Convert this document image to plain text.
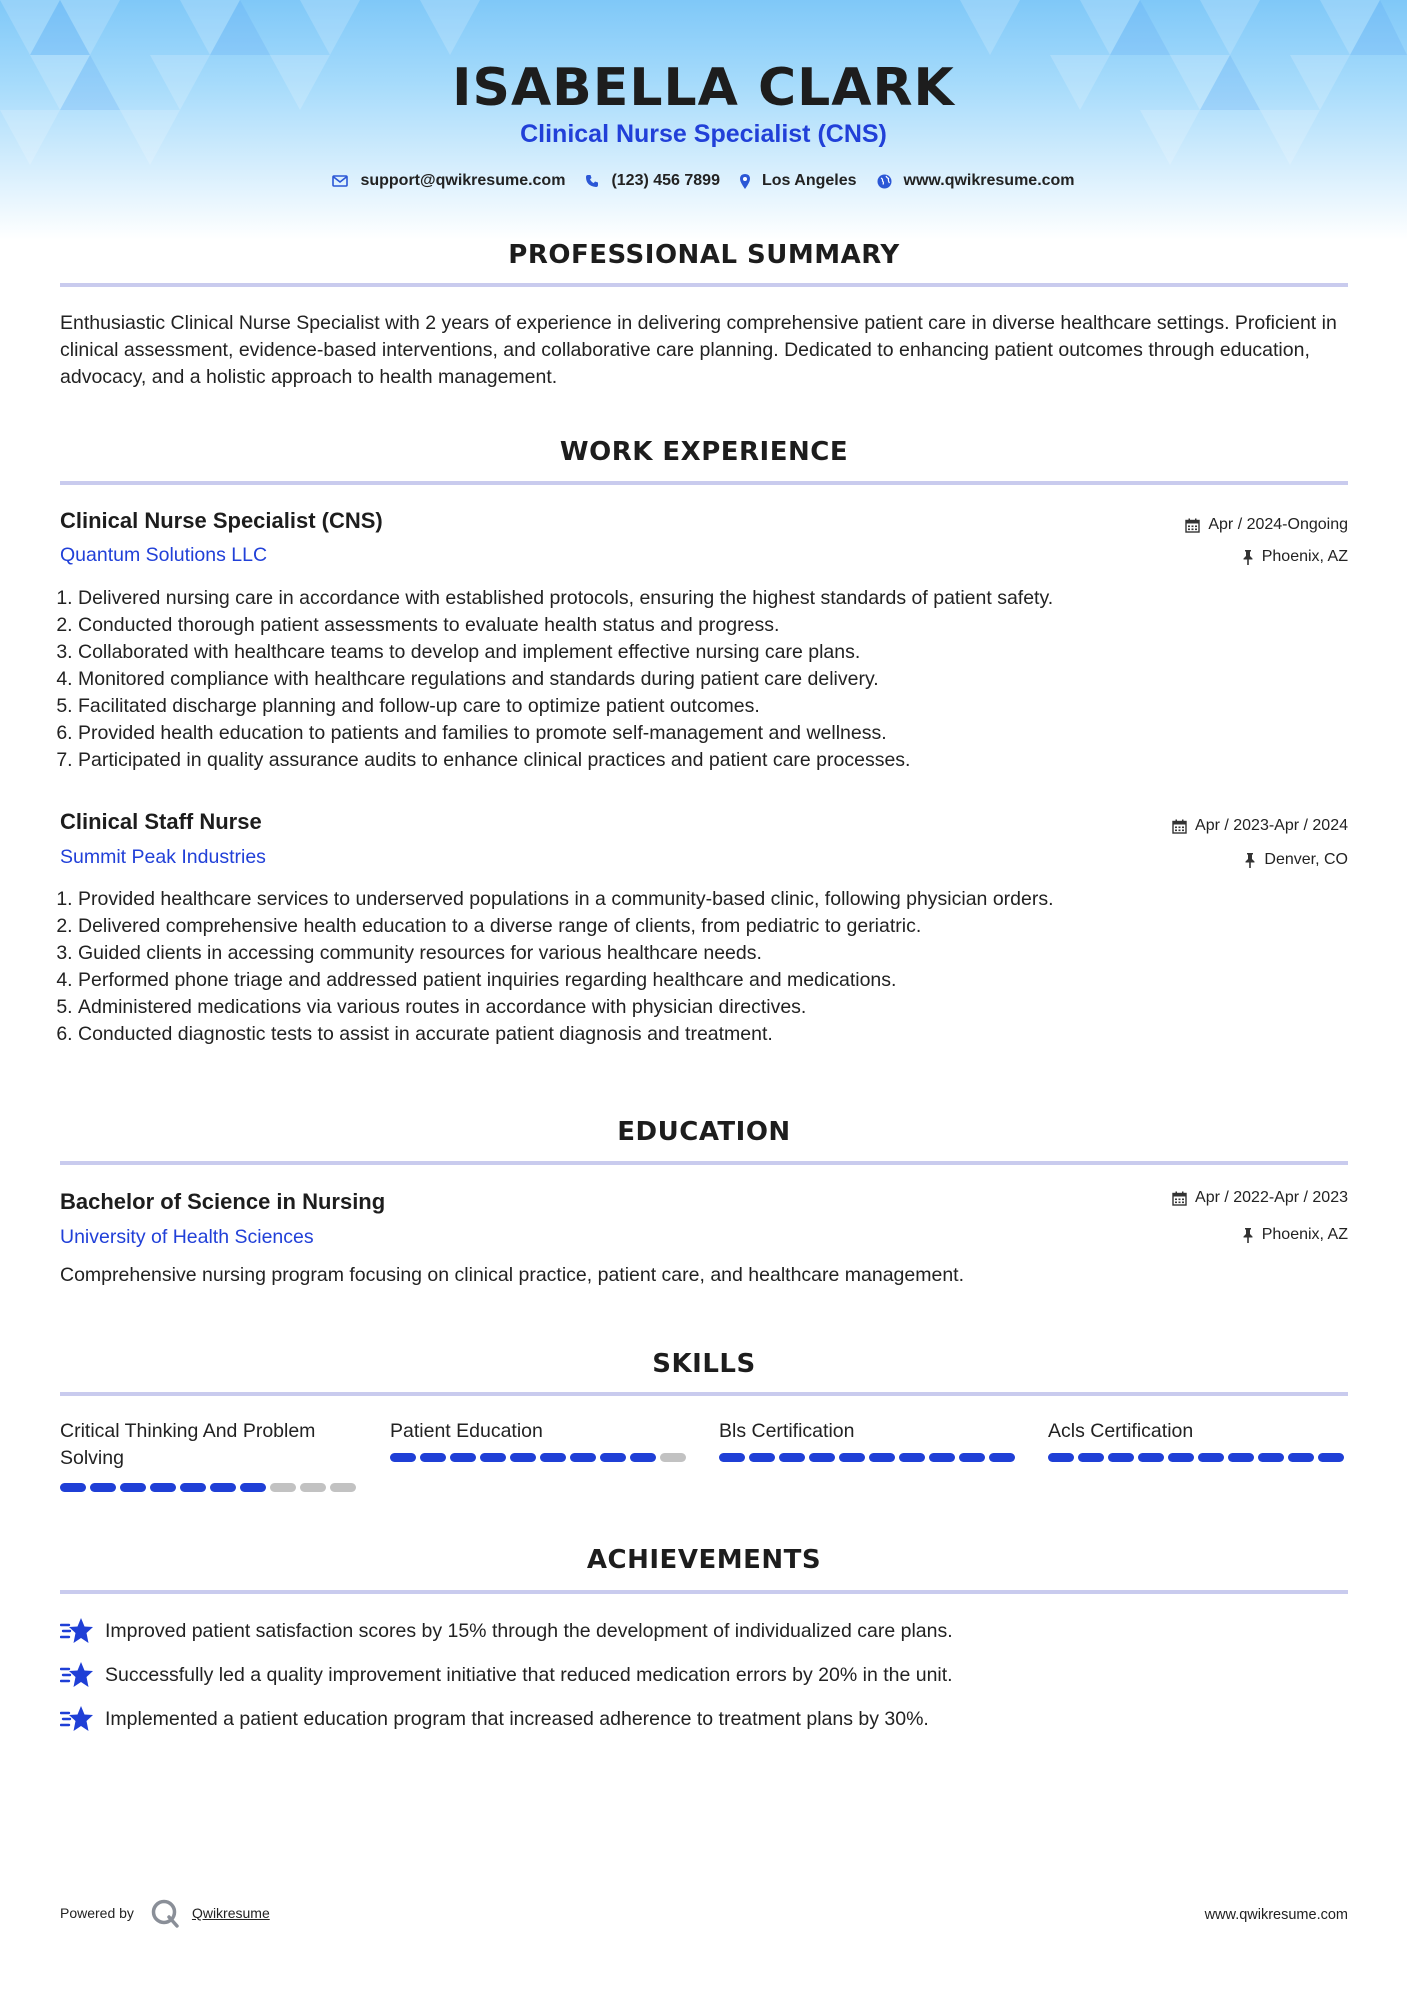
ISABELLA CLARK
Clinical Nurse Specialist (CNS)
support@qwikresume.com	(123) 456 7899	Los Angeles	www.qwikresume.com
PROFESSIONAL SUMMARY
Enthusiastic Clinical Nurse Specialist with 2 years of experience in delivering comprehensive patient care in diverse healthcare settings. Proficient in clinical assessment, evidence-based interventions, and collaborative care planning. Dedicated to enhancing patient outcomes through education, advocacy, and a holistic approach to health management.
WORK EXPERIENCE
Clinical Nurse Specialist (CNS)
Quantum Solutions LLC
Apr / 2024-Ongoing
Phoenix, AZ
1. Delivered nursing care in accordance with established protocols, ensuring the highest standards of patient safety.
2. Conducted thorough patient assessments to evaluate health status and progress.
3. Collaborated with healthcare teams to develop and implement effective nursing care plans.
4. Monitored compliance with healthcare regulations and standards during patient care delivery.
5. Facilitated discharge planning and follow-up care to optimize patient outcomes.
6. Provided health education to patients and families to promote self-management and wellness.
7. Participated in quality assurance audits to enhance clinical practices and patient care processes.
Clinical Staff Nurse
Summit Peak Industries
Apr / 2023-Apr / 2024
Denver, CO
1. Provided healthcare services to underserved populations in a community-based clinic, following physician orders.
2. Delivered comprehensive health education to a diverse range of clients, from pediatric to geriatric.
3. Guided clients in accessing community resources for various healthcare needs.
4. Performed phone triage and addressed patient inquiries regarding healthcare and medications.
5. Administered medications via various routes in accordance with physician directives.
6. Conducted diagnostic tests to assist in accurate patient diagnosis and treatment.
EDUCATION
Bachelor of Science in Nursing
University of Health Sciences
Apr / 2022-Apr / 2023
Phoenix, AZ
Comprehensive nursing program focusing on clinical practice, patient care, and healthcare management.
SKILLS
Critical Thinking And Problem Solving
Patient Education	Bls Certification	Acls Certification
ACHIEVEMENTS
Improved patient satisfaction scores by 15% through the development of individualized care plans.
Successfully led a quality improvement initiative that reduced medication errors by 20% in the unit.
Implemented a patient education program that increased adherence to treatment plans by 30%.
Powered by	Qwikresume	www.qwikresume.com
